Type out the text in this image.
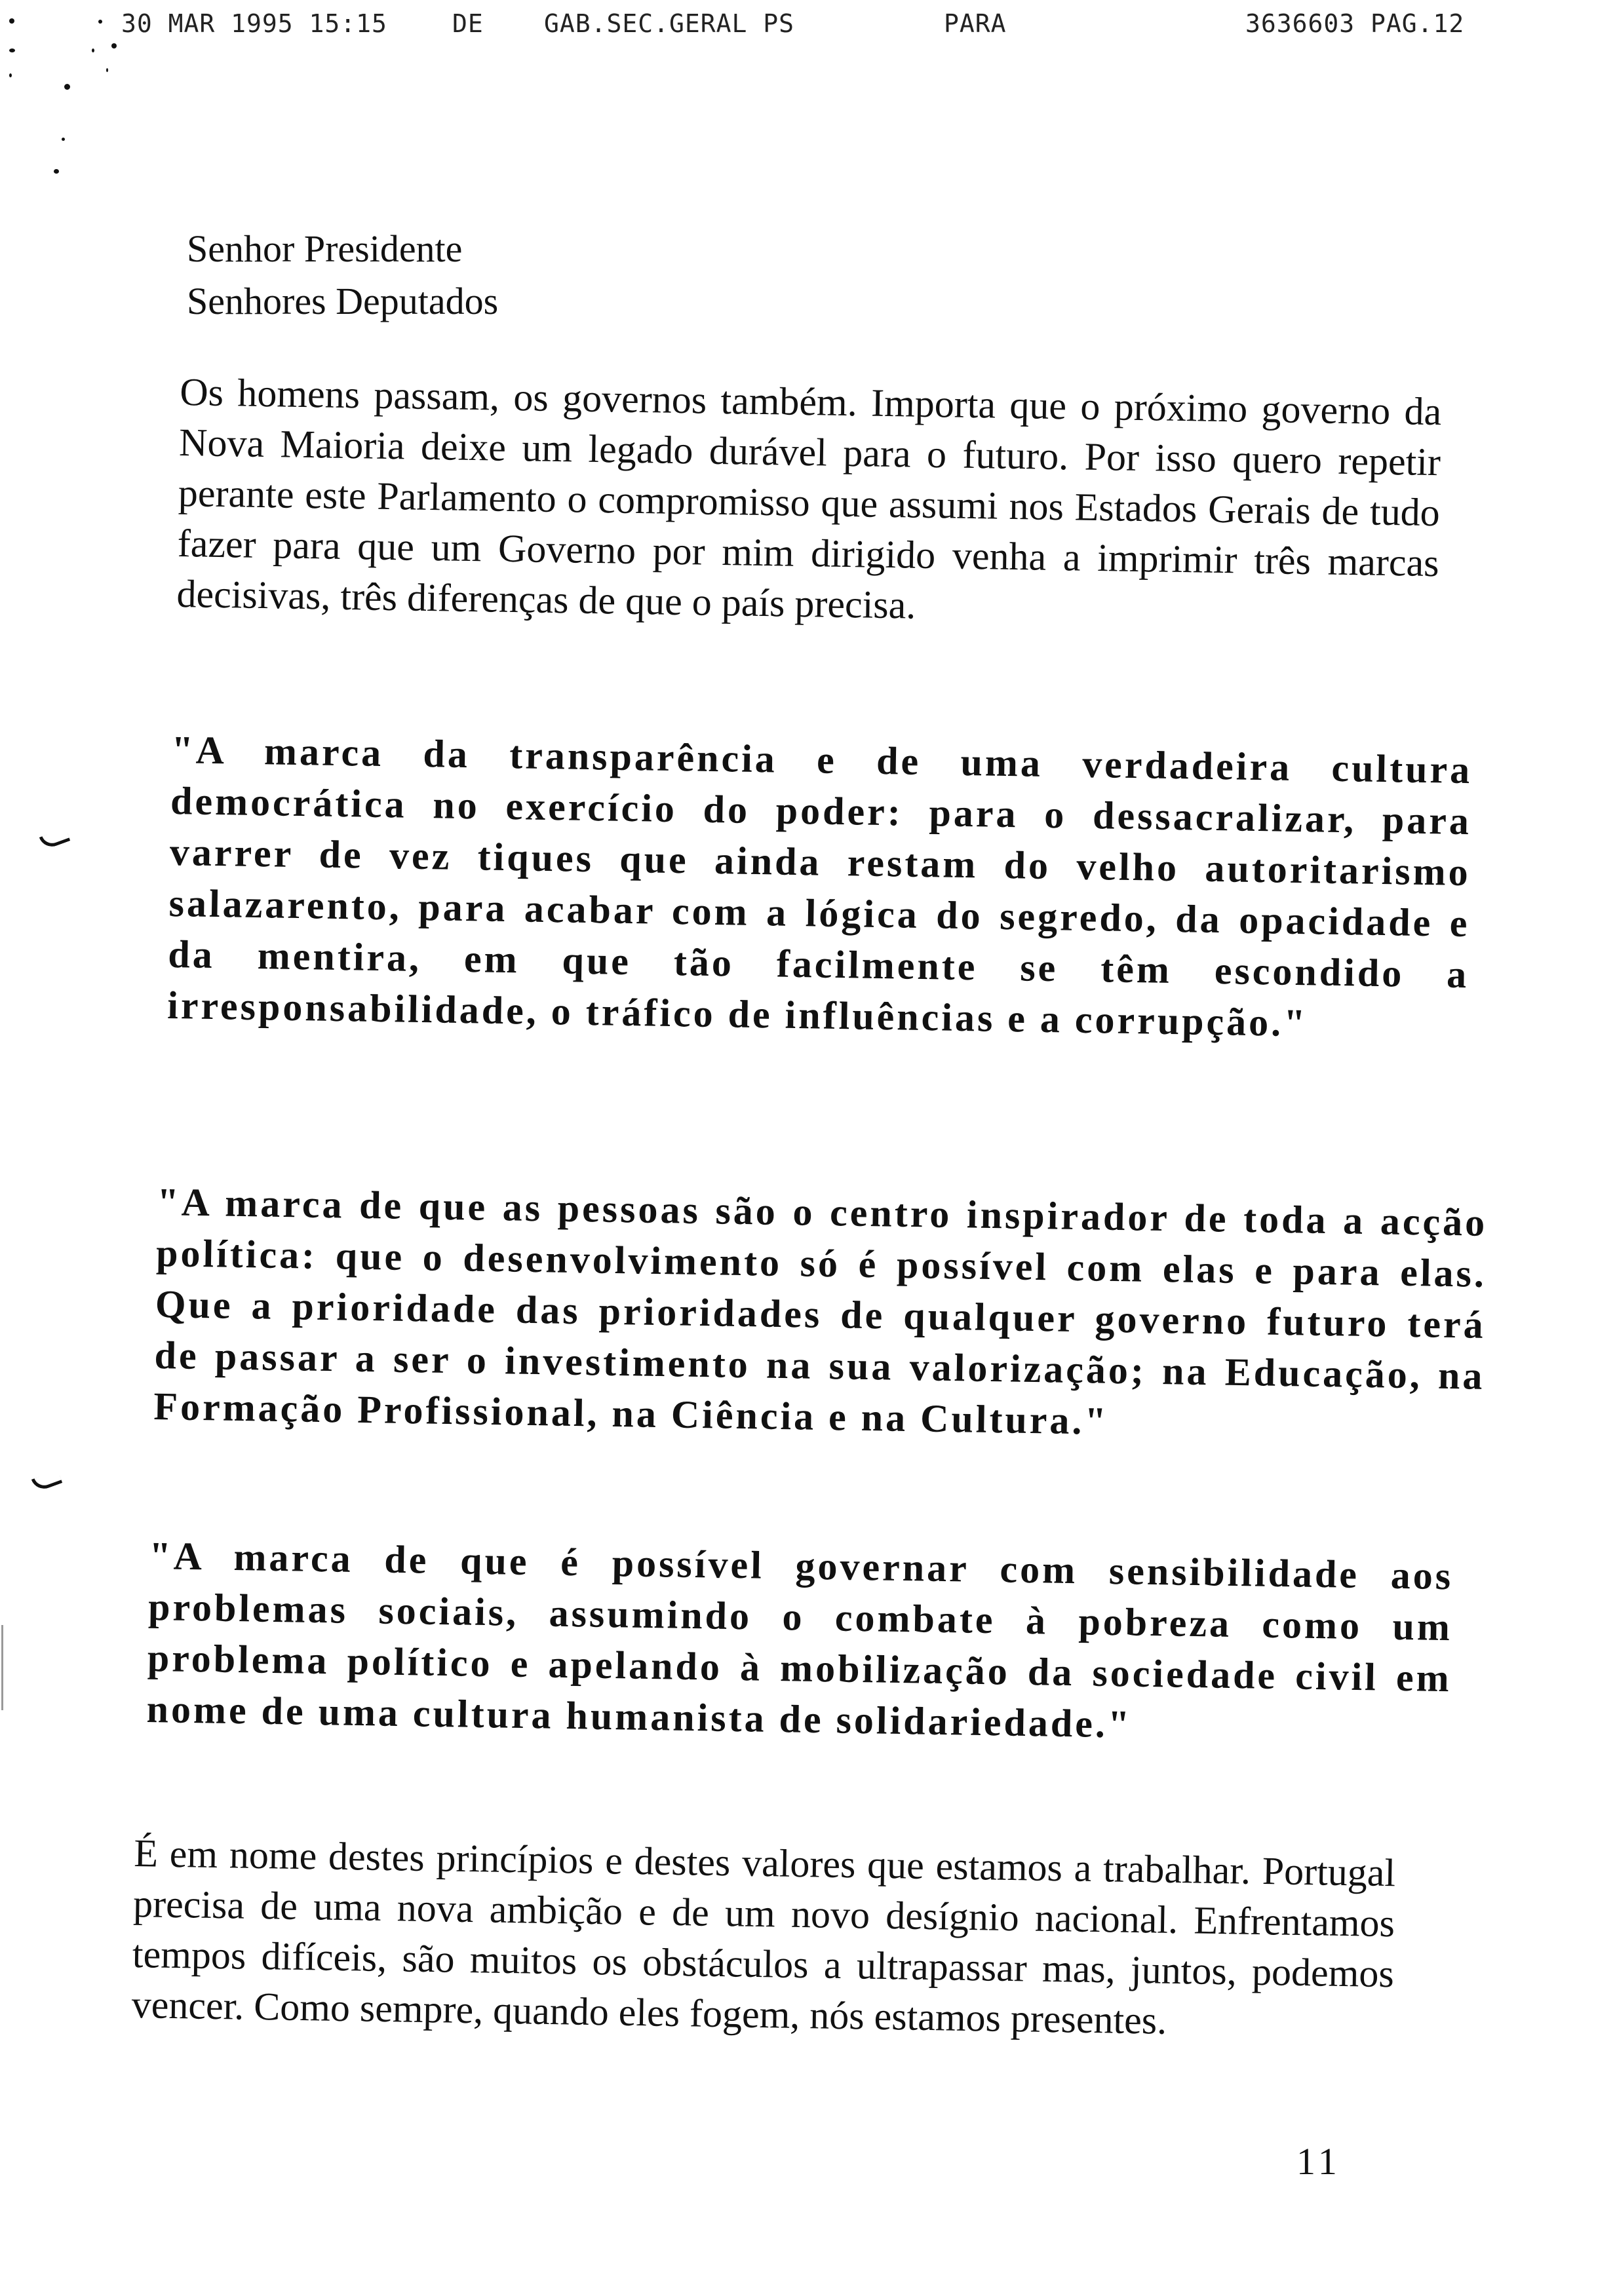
30 MAR 1995 15:15	DE GAB.SEC.GERAL PS	PARA	3636603 PAG.12
Senhor Presidente
Senhores Deputados
Os homens passam, os governos também. Importa que o próximo governo da Nova Maioria deixe um legado durável para o futuro. Por isso quero repetir perante este Parlamento o compromisso que assumi nos Estados Gerais de tudo fazer para que um Governo por mim dirigido venha a imprimir três marcas decisivas, três diferenças de que o país precisa.
"A marca da transparência e de uma verdadeira cultura democrática no exercício do poder: para o dessacralizar, para varrer de vez tiques que ainda restam do velho autoritarismo salazarento, para acabar com a lógica do segredo, da opacidade e da mentira, em que tão facilmente se têm escondido a irresponsabilidade, o tráfico de influências e a corrupção."
"A marca de que as pessoas são o centro inspirador de toda a acção política: que o desenvolvimento só é possível com elas e para elas. Que a prioridade das prioridades de qualquer governo futuro terá de passar a ser o investimento na sua valorização; na Educação, na Formação Profissional, na Ciência e na Cultura."
"A marca de que é possível governar com sensibilidade aos problemas sociais, assumindo o combate à pobreza como um problema político e apelando à mobilização da sociedade civil em nome de uma cultura humanista de solidariedade."
É em nome destes princípios e destes valores que estamos a trabalhar. Portugal precisa de uma nova ambição e de um novo desígnio nacional. Enfrentamos tempos difíceis, são muitos os obstáculos a ultrapassar mas, juntos, podemos vencer. Como sempre, quando eles fogem, nós estamos presentes.
11
